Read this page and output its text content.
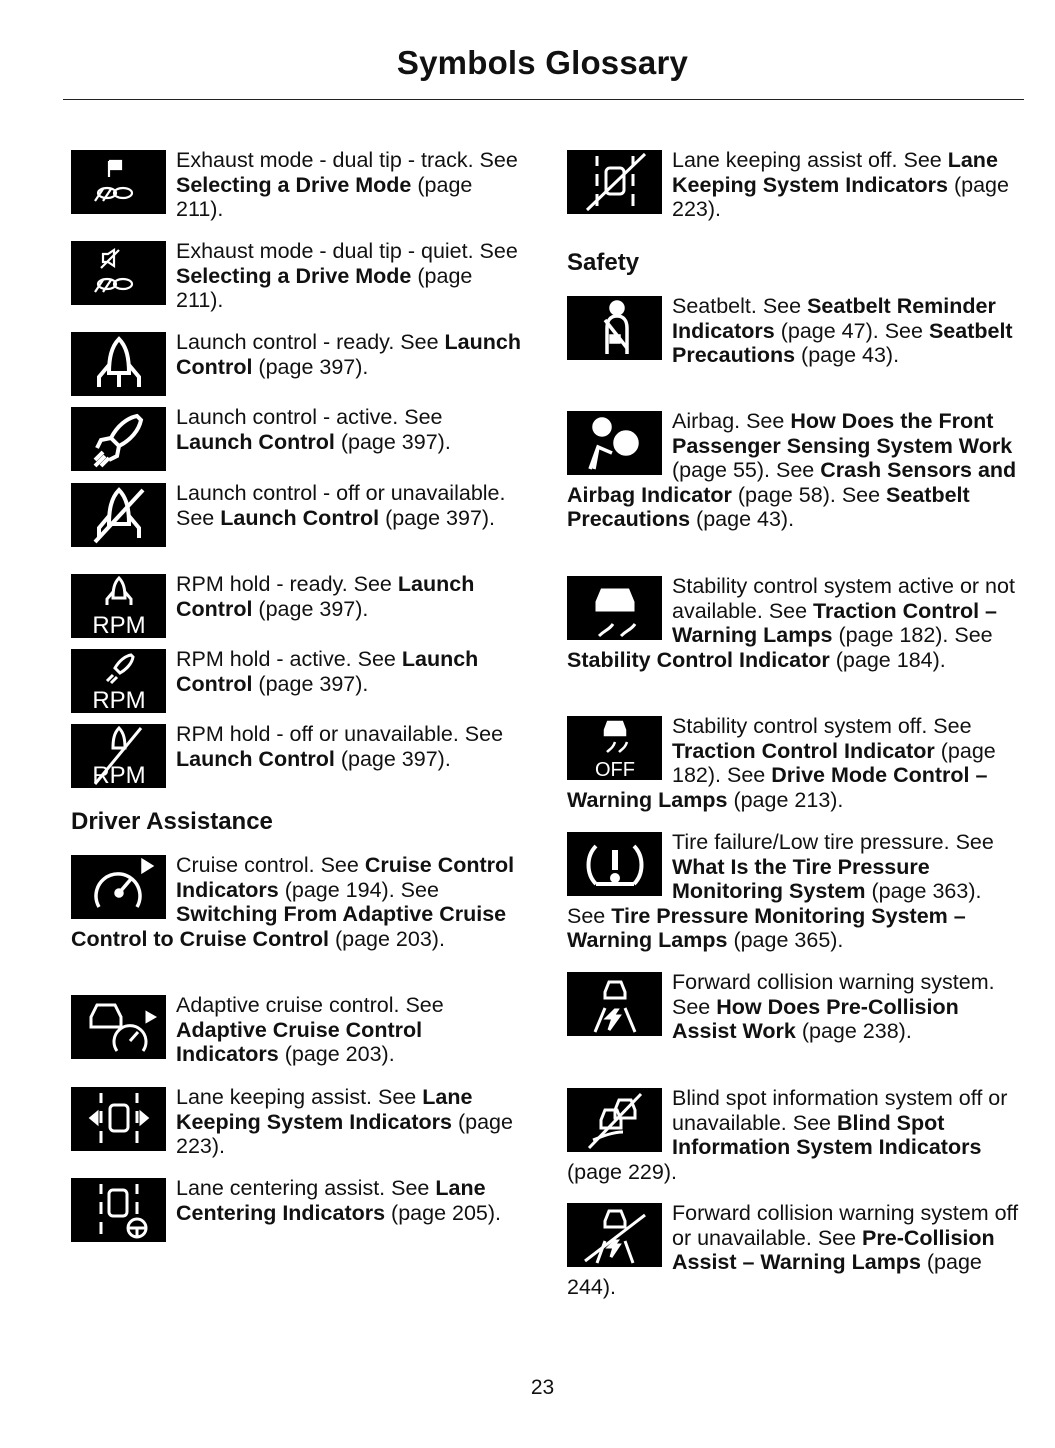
Symbols Glossary
Exhaust mode - dual tip - track. See Selecting a Drive Mode (page 211).
Exhaust mode - dual tip - quiet. See Selecting a Drive Mode (page 211).
Launch control - ready. See Launch Control (page 397).
Launch control - active. See Launch Control (page 397).
Launch control - off or unavailable. See Launch Control (page 397).
RPM
RPM hold - ready. See Launch Control (page 397).
RPM
RPM hold - active. See Launch Control (page 397).
RPM
RPM hold - off or unavailable. See Launch Control (page 397).
Driver Assistance
Cruise control. See Cruise Control Indicators (page 194). See Switching From Adaptive Cruise Control to Cruise Control (page 203).
Adaptive cruise control. See Adaptive Cruise Control Indicators (page 203).
Lane keeping assist. See Lane Keeping System Indicators (page 223).
Lane centering assist. See Lane Centering Indicators (page 205).
Lane keeping assist off. See Lane Keeping System Indicators (page 223).
Safety
Seatbelt. See Seatbelt Reminder Indicators (page 47). See Seatbelt Precautions (page 43).
Airbag. See How Does the Front Passenger Sensing System Work (page 55). See Crash Sensors and Airbag Indicator (page 58). See Seatbelt Precautions (page 43).
Stability control system active or not available. See Traction Control – Warning Lamps (page 182). See Stability Control Indicator (page 184).
OFF
Stability control system off. See Traction Control Indicator (page 182). See Drive Mode Control – Warning Lamps (page 213).
Tire failure/Low tire pressure. See What Is the Tire Pressure Monitoring System (page 363). See Tire Pressure Monitoring System – Warning Lamps (page 365).
Forward collision warning system. See How Does Pre-Collision Assist Work (page 238).
Blind spot information system off or unavailable. See Blind Spot Information System Indicators (page 229).
Forward collision warning system off or unavailable. See Pre-Collision Assist – Warning Lamps (page 244).
23
